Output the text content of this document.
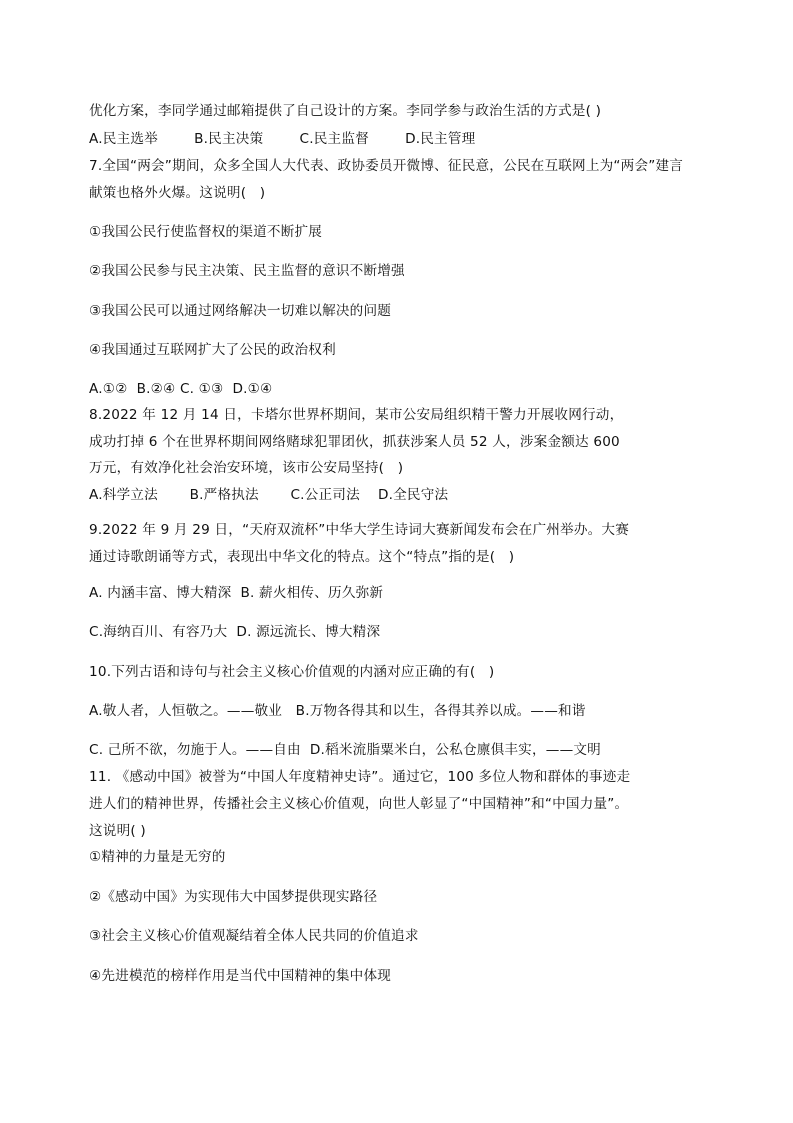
优化方案，李同学通过邮箱提供了自己设计的方案。李同学参与政治生活的方式是( )
A.民主选举        B.民主决策        C.民主监督        D.民主管理
7.全国“两会”期间，众多全国人大代表、政协委员开微博、征民意，公民在互联网上为“两会”建言
献策也格外火爆。这说明(   )
①我国公民行使监督权的渠道不断扩展
②我国公民参与民主决策、民主监督的意识不断增强
③我国公民可以通过网络解决一切难以解决的问题
④我国通过互联网扩大了公民的政治权利
A.①②  B.②④ C. ①③  D.①④
8.2022 年 12 月 14 日，卡塔尔世界杯期间，某市公安局组织精干警力开展收网行动，
成功打掉 6 个在世界杯期间网络赌球犯罪团伙，抓获涉案人员 52 人，涉案金额达 600
万元，有效净化社会治安环境，该市公安局坚持(   )
A.科学立法       B.严格执法       C.公正司法    D.全民守法
9.2022 年 9 月 29 日，“天府双流杯”中华大学生诗词大赛新闻发布会在广州举办。大赛
通过诗歌朗诵等方式，表现出中华文化的特点。这个“特点”指的是(   )
A. 内涵丰富、博大精深  B. 薪火相传、历久弥新
C.海纳百川、有容乃大  D. 源远流长、博大精深
10.下列古语和诗句与社会主义核心价值观的内涵对应正确的有(   )
A.敬人者，人恒敬之。——敬业   B.万物各得其和以生，各得其养以成。——和谐
C. 己所不欲，勿施于人。——自由  D.稻米流脂粟米白，公私仓廪俱丰实，——文明
11. 《感动中国》被誉为“中国人年度精神史诗”。通过它，100 多位人物和群体的事迹走
进人们的精神世界，传播社会主义核心价值观，向世人彰显了“中国精神”和“中国力量”。
这说明( )
①精神的力量是无穷的
②《感动中国》为实现伟大中国梦提供现实路径
③社会主义核心价值观凝结着全体人民共同的价值追求
④先进模范的榜样作用是当代中国精神的集中体现
